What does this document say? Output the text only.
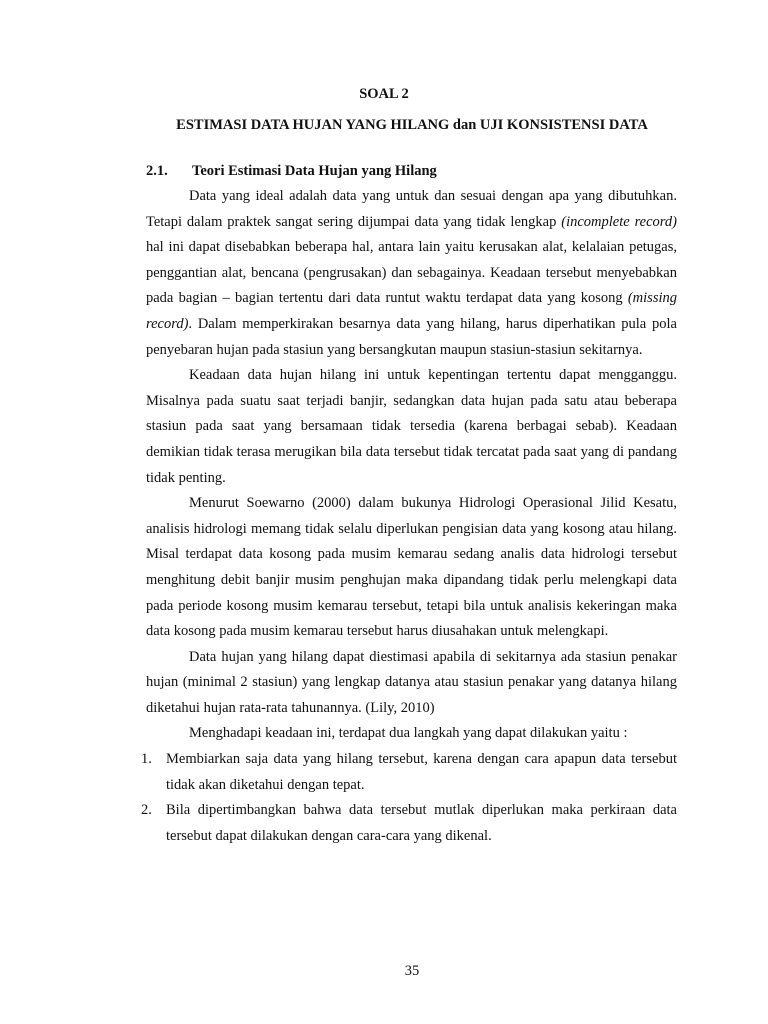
SOAL 2
ESTIMASI DATA HUJAN YANG HILANG dan UJI KONSISTENSI DATA
2.1. Teori Estimasi Data Hujan yang Hilang

Data yang ideal adalah data yang untuk dan sesuai dengan apa yang dibutuhkan. Tetapi dalam praktek sangat sering dijumpai data yang tidak lengkap (incomplete record) hal ini dapat disebabkan beberapa hal, antara lain yaitu kerusakan alat, kelalaian petugas, penggantian alat, bencana (pengrusakan) dan sebagainya. Keadaan tersebut menyebabkan pada bagian – bagian tertentu dari data runtut waktu terdapat data yang kosong (missing record). Dalam memperkirakan besarnya data yang hilang, harus diperhatikan pula pola penyebaran hujan pada stasiun yang bersangkutan maupun stasiun-stasiun sekitarnya.

Keadaan data hujan hilang ini untuk kepentingan tertentu dapat mengganggu. Misalnya pada suatu saat terjadi banjir, sedangkan data hujan pada satu atau beberapa stasiun pada saat yang bersamaan tidak tersedia (karena berbagai sebab). Keadaan demikian tidak terasa merugikan bila data tersebut tidak tercatat pada saat yang di pandang tidak penting.

Menurut Soewarno (2000) dalam bukunya Hidrologi Operasional Jilid Kesatu, analisis hidrologi memang tidak selalu diperlukan pengisian data yang kosong atau hilang. Misal terdapat data kosong pada musim kemarau sedang analis data hidrologi tersebut menghitung debit banjir musim penghujan maka dipandang tidak perlu melengkapi data pada periode kosong musim kemarau tersebut, tetapi bila untuk analisis kekeringan maka data kosong pada musim kemarau tersebut harus diusahakan untuk melengkapi.

Data hujan yang hilang dapat diestimasi apabila di sekitarnya ada stasiun penakar hujan (minimal 2 stasiun) yang lengkap datanya atau stasiun penakar yang datanya hilang diketahui hujan rata-rata tahunannya. (Lily, 2010)

Menghadapi keadaan ini, terdapat dua langkah yang dapat dilakukan yaitu :

1. Membiarkan saja data yang hilang tersebut, karena dengan cara apapun data tersebut tidak akan diketahui dengan tepat.
2. Bila dipertimbangkan bahwa data tersebut mutlak diperlukan maka perkiraan data tersebut dapat dilakukan dengan cara-cara yang dikenal.
35
